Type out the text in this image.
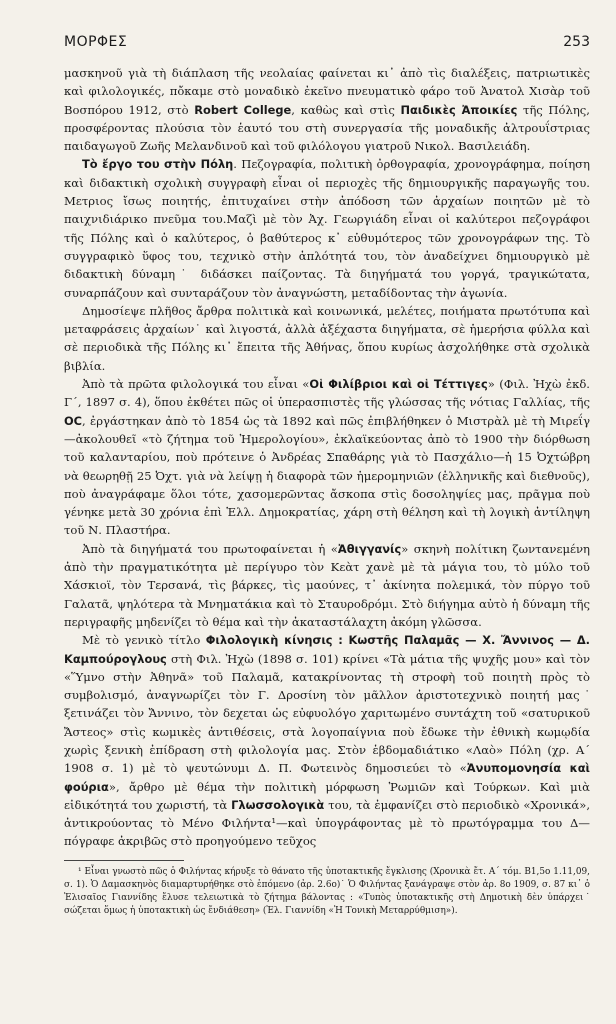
ΜΟΡΦΕΣ	253

μασκηνοῦ γιὰ τὴ διάπλαση τῆς νεολαίας φαίνεται κι᾽ ἀπὸ τὶς διαλέξεις, πατριωτικὲς καὶ φιλολογικές, πὄκαμε στὸ μοναδικὸ ἐκεῖνο πνευματικὸ φάρο τοῦ Ἀνατολ Χισὰρ τοῦ Βοσπόρου 1912, στὸ Robert College, καθὼς καὶ στὶς Παιδικὲς Ἀποικίες τῆς Πόλης, προσφέροντας πλούσια τὸν ἑαυτό του στὴ συνεργασία τῆς μοναδικῆς ἀλτρουΐστριας παιδαγωγοῦ Ζωῆς Μελανδινοῦ καὶ τοῦ φιλόλογου γιατροῦ Νικολ. Βασιλειάδη.

Τὸ ἔργο του στὴν Πόλη. Πεζογραφία, πολιτικὴ ὀρθογραφία, χρονογράφημα, ποίηση καὶ διδακτικὴ σχολικὴ συγγραφὴ εἶναι οἱ περιοχὲς τῆς δημιουργικῆς παραγωγῆς του. Μετριος ἴσως ποιητής, ἐπιτυχαίνει στὴν ἀπόδοση τῶν ἀρχαίων ποιητῶν μὲ τὸ παιχνιδιάρικο πνεῦμα του.Μαζὶ μὲ τὸν Ἀχ. Γεωργιάδη εἶναι οἱ καλύτεροι πεζογράφοι τῆς Πόλης καὶ ὁ καλύτερος, ὁ βαθύτερος κ᾽ εὐθυμότερος τῶν χρονογράφων της. Τὸ συγγραφικὸ ὕφος του, τεχνικὸ στὴν ἁπλότητά του, τὸν ἀναδείχνει δημιουργικὸ μὲ διδακτικὴ δύναμη˙ διδάσκει παίζοντας. Τὰ διηγήματά του γοργά, τραγικώτατα, συναρπάζουν καὶ συνταράζουν τὸν ἀναγνώστη, μεταδίδοντας τὴν ἀγωνία.

Δημοσίεψε πλῆθος ἄρθρα πολιτικὰ καὶ κοινωνικά, μελέτες, ποιήματα πρωτότυπα καὶ μεταφράσεις ἀρχαίων˙ καὶ λιγοστά, ἀλλὰ ἀξέχαστα διηγήματα, σὲ ἡμερήσια φύλλα καὶ σὲ περιοδικὰ τῆς Πόλης κι᾽ ἔπειτα τῆς Ἀθήνας, ὅπου κυρίως ἀσχολήθηκε στὰ σχολικὰ βιβλία.

Ἀπὸ τὰ πρῶτα φιλολογικά του εἶναι «Οἱ Φιλίβριοι καὶ οἱ Τέττιγες» (Φιλ. Ἠχὼ ἐκδ. Γ΄, 1897 σ. 4), ὅπου ἐκθέτει πῶς οἱ ὑπερασπιστὲς τῆς γλώσσας τῆς νότιας Γαλλίας, τῆς OC, ἐργάστηκαν ἀπὸ τὸ 1854 ὡς τὰ 1892 καὶ πῶς ἐπιβλήθηκεν ὁ Μιστρὰλ μὲ τὴ Μιρεΐγ—ἀκολουθεῖ «τὸ ζήτημα τοῦ Ἡμερολογίου», ἐκλαϊκεύοντας ἀπὸ τὸ 1900 τὴν διόρθωση τοῦ καλανταρίου, ποὺ πρότεινε ὁ Ἀνδρέας Σπαθάρης γιὰ τὸ Πασχάλιο—ἡ 15 Ὀχτώβρη νὰ θεωρηθῇ 25 Ὀχτ. γιὰ νὰ λείψῃ ἡ διαφορὰ τῶν ἡμερομηνιῶν (ἑλληνικῆς καὶ διεθνοῦς), ποὺ ἀναγράφαμε ὅλοι τότε, χασομερῶντας ἄσκοπα στὶς δοσοληψίες μας, πρᾶγμα ποὺ γένηκε μετὰ 30 χρόνια ἐπὶ Ἑλλ. Δημοκρατίας, χάρη στὴ θέληση καὶ τὴ λογικὴ ἀντίληψη τοῦ Ν. Πλαστήρα.

Ἀπὸ τὰ διηγήματά του πρωτοφαίνεται ἡ «Ἀθιγγανίς» σκηνὴ πολίτικη ζωντανεμένη ἀπὸ τὴν πραγματικότητα μὲ περίγυρο τὸν Κεὰτ χανὲ μὲ τὰ μάγια του, τὸ μύλο τοῦ Χάσκιοϊ, τὸν Τερσανά, τὶς βάρκες, τὶς μαούνες, τ᾽ ἀκίνητα πολεμικά, τὸν πύργο τοῦ Γαλατᾶ, ψηλότερα τὰ Μνηματάκια καὶ τὸ Σταυροδρόμι. Στὸ διήγημα αὐτὸ ἡ δύναμη τῆς περιγραφῆς μηδενίζει τὸ θέμα καὶ τὴν ἀκαταστάλαχτη ἀκόμη γλῶσσα.

Μὲ τὸ γενικὸ τίτλο Φιλολογικὴ κίνησις : Κωστῆς Παλαμᾶς — Χ. Ἄννινος — Δ. Καμπούρογλους στὴ Φιλ. Ἠχὼ (1898 σ. 101) κρίνει «Τὰ μάτια τῆς ψυχῆς μου» καὶ τὸν «Ὕμνο στὴν Ἀθηνᾶ» τοῦ Παλαμᾶ, κατακρίνοντας τὴ στροφὴ τοῦ ποιητὴ πρὸς τὸ συμβολισμό, ἀναγνωρίζει τὸν Γ. Δροσίνη τὸν μᾶλλον ἀριστοτεχνικὸ ποιητή μας˙ ξετινάζει τὸν Ἄννινο, τὸν δεχεται ὡς εὐφυολόγο χαριτωμένο συντάχτη τοῦ «σατυρικοῦ Ἄστεος» στὶς κωμικὲς ἀντιθέσεις, στὰ λογοπαίγνια ποὺ ἔδωκε τὴν ἐθνικὴ κωμῳδία χωρὶς ξενικὴ ἐπίδραση στὴ φιλολογία μας. Στὸν ἑβδομαδιάτικο «Λαὸ» Πόλη (χρ. Α΄ 1908 σ. 1) μὲ τὸ ψευτώνυμι Δ. Π. Φωτεινὸς δημοσιεύει τὸ «Ἀνυπομονησία καὶ φούρια», ἄρθρο μὲ θέμα τὴν πολιτικὴ μόρφωση Ῥωμιῶν καὶ Τούρκων. Καὶ μιὰ εἰδικότητά του χωριστή, τὰ Γλωσσολογικὰ του, τὰ ἐμφανίζει στὸ περιοδικὸ «Χρονικά», ἀντικρούοντας τὸ Μένο Φιλήντα¹—καὶ ὑπογράφοντας μὲ τὸ πρωτόγραμμα του Δ—πόγραφε ἀκριβῶς στὸ προηγούμενο τεῦχος

¹ Εἶναι γνωστὸ πῶς ὁ Φιλήντας κήρυξε τὸ θάνατο τῆς ὑποτακτικῆς ἔγκλισης (Χρονικὰ ἔτ. Α΄ τόμ. Β1,5ο 1.11,09, σ. 1). Ὁ Δαμασκηνὸς διαμαρτυρήθηκε στὸ ἑπόμενο (ἀρ. 2.6ο)˙ Ὁ Φιλήντας ξανάγραψε στὸν ἀρ. 8ο 1909, σ. 87 κι᾽ ὁ Ἐλισαῖος Γιαννίδης ἔλυσε τελειωτικὰ τὸ ζήτημα βάλοντας : «Τυπὸς ὑποτακτικῆς στὴ Δημοτικὴ δὲν ὑπάρχει˙ σώζεται ὅμως ἡ ὑποτακτικὴ ὡς ἔνδιάθεση» (Ἐλ. Γιαννίδη «Ἡ Τονικὴ Μεταρρύθμιση»).
